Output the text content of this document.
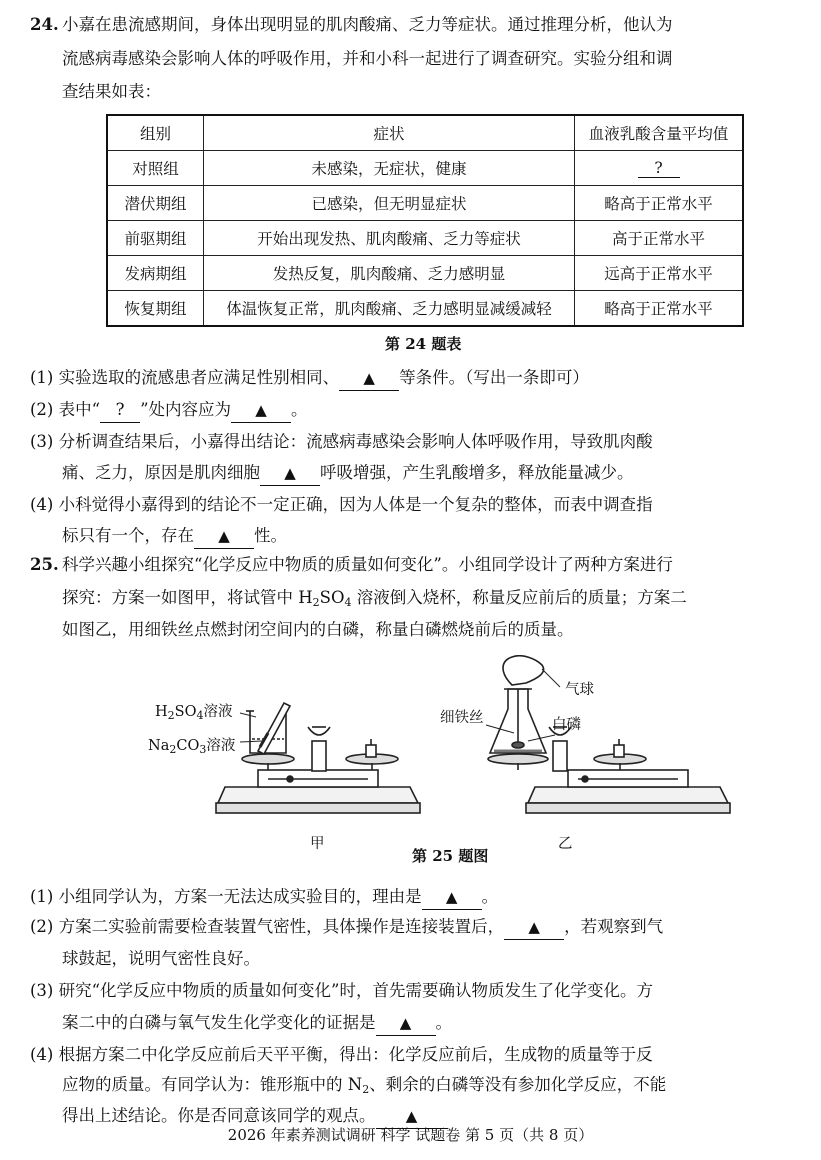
24. 小嘉在患流感期间，身体出现明显的肌肉酸痛、乏力等症状。通过推理分析，他认为
流感病毒感染会影响人体的呼吸作用，并和小科一起进行了调查研究。实验分组和调
查结果如表：
组别	症状	血液乳酸含量平均值
对照组	未感染，无症状，健康	?
潜伏期组	已感染，但无明显症状	略高于正常水平
前驱期组	开始出现发热、肌肉酸痛、乏力等症状	高于正常水平
发病期组	发热反复，肌肉酸痛、乏力感明显	远高于正常水平
恢复期组	体温恢复正常，肌肉酸痛、乏力感明显减缓减轻	略高于正常水平
第 24 题表
(1) 实验选取的流感患者应满足性别相同、 ▲ 等条件。（写出一条即可）
(2) 表中“ ? ”处内容应为 ▲ 。
(3) 分析调查结果后，小嘉得出结论：流感病毒感染会影响人体呼吸作用，导致肌肉酸
痛、乏力，原因是肌肉细胞 ▲ 呼吸增强，产生乳酸增多，释放能量减少。
(4) 小科觉得小嘉得到的结论不一定正确，因为人体是一个复杂的整体，而表中调查指
标只有一个，存在 ▲ 性。
25. 科学兴趣小组探究“化学反应中物质的质量如何变化”。小组同学设计了两种方案进行
探究：方案一如图甲，将试管中 $H_2SO_4$ 溶液倒入烧杯，称量反应前后的质量；方案二
如图乙，用细铁丝点燃封闭空间内的白磷，称量白磷燃烧前后的质量。
$H_2SO_4$溶液
$Na_2CO_3$溶液
细铁丝	白磷
气球
甲	乙
第 25 题图
(1) 小组同学认为，方案一无法达成实验目的，理由是 ▲ 。
(2) 方案二实验前需要检查装置气密性，具体操作是连接装置后， ▲ ，若观察到气
球鼓起，说明气密性良好。
(3) 研究“化学反应中物质的质量如何变化”时，首先需要确认物质发生了化学变化。方
案二中的白磷与氧气发生化学变化的证据是 ▲ 。
(4) 根据方案二中化学反应前后天平平衡，得出：化学反应前后，生成物的质量等于反
应物的质量。有同学认为：锥形瓶中的 $N_2$、剩余的白磷等没有参加化学反应，不能
得出上述结论。你是否同意该同学的观点。 ▲
2026 年素养测试调研 科学 试题卷 第 5 页（共 8 页）
